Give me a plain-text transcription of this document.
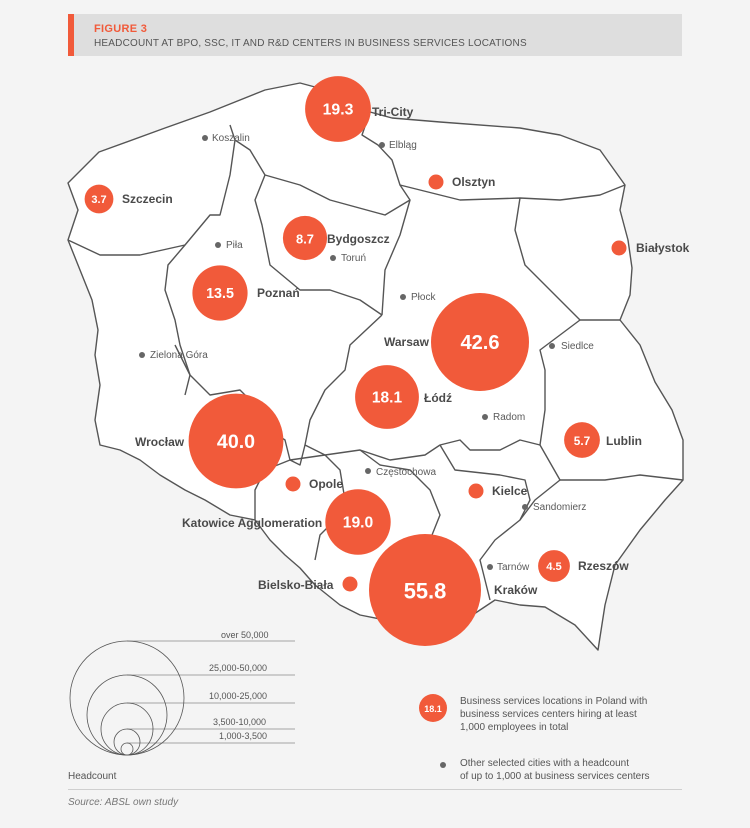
FIGURE 3
HEADCOUNT AT BPO, SSC, IT AND R&D CENTERS IN BUSINESS SERVICES LOCATIONS
Koszalin
Elbląg
Piła
Toruń
Płock
Siedlce
Zielona Góra
Radom
Częstochowa
Sandomierz
Tarnów
19.3
3.7
8.7
13.5
42.6
18.1
40.0	5.7
19.0
4.5
55.8
Tri-City
Szczecin
Olsztyn
Bydgoszcz
Białystok
Poznań
Warsaw
Łódź
Wrocław	Lublin
Opole	Kielce
Katowice Agglomeration
Rzeszów
Bielsko-Biała	Kraków
over 50,000
25,000-50,000
10,000-25,000
3,500-10,000
1,000-3,500
Headcount
18.1
Business services locations in Poland with
business services centers hiring at least
1,000 employees in total
Other selected cities with a headcount
of up to 1,000 at business services centers
Source: ABSL own study
